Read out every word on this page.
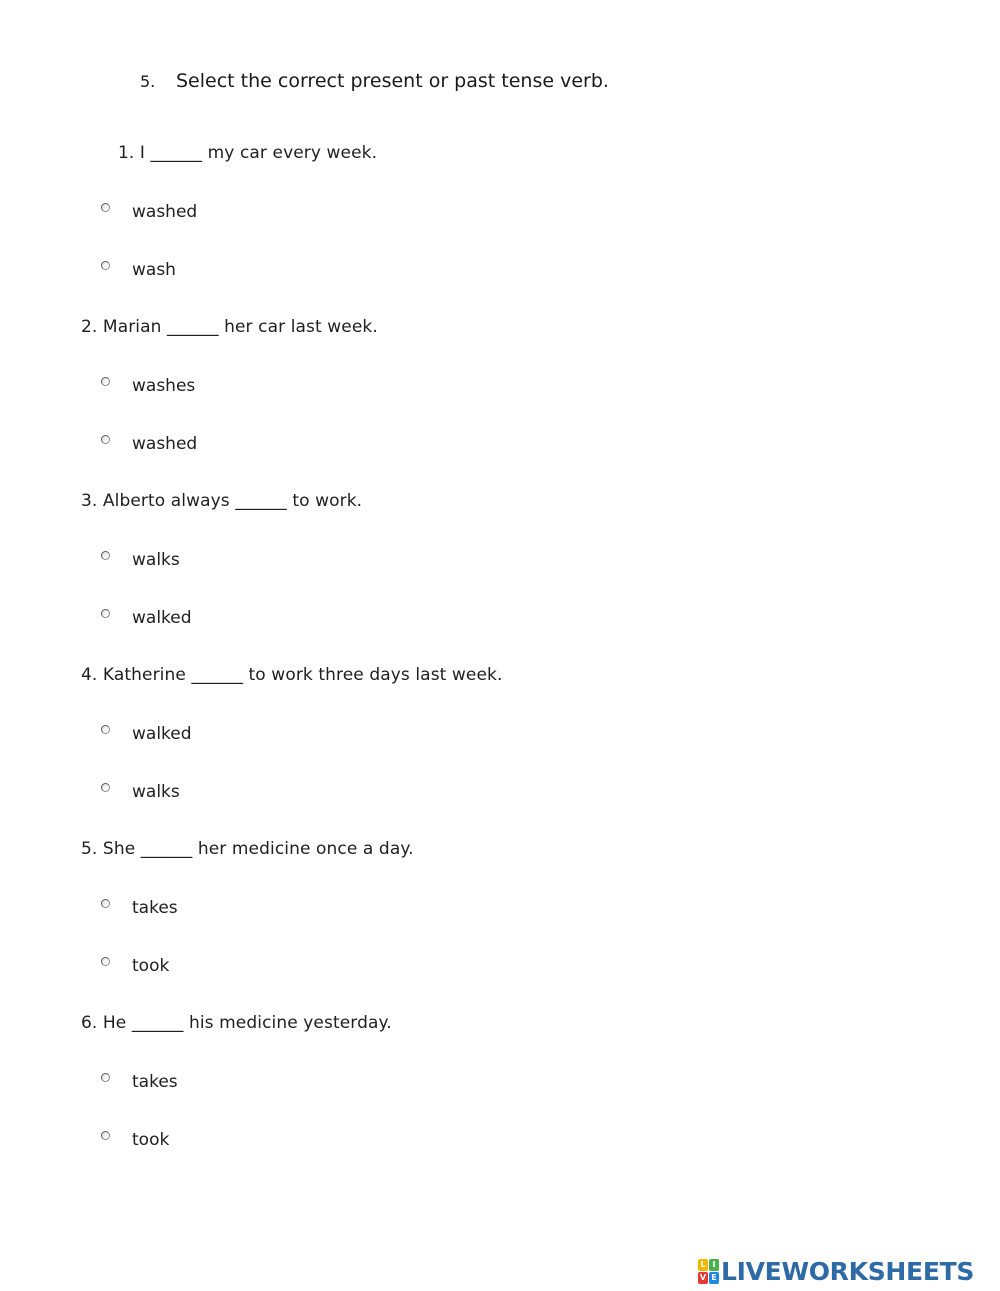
5. Select the correct present or past tense verb.
1. I ______ my car every week.
washed
wash
2. Marian ______ her car last week.
washes
washed
3. Alberto always ______ to work.
walks
walked
4. Katherine ______ to work three days last week.
walked
walks
5. She ______ her medicine once a day.
takes
took
6. He ______ his medicine yesterday.
takes
took
L I
V E LIVEWORKSHEETS
